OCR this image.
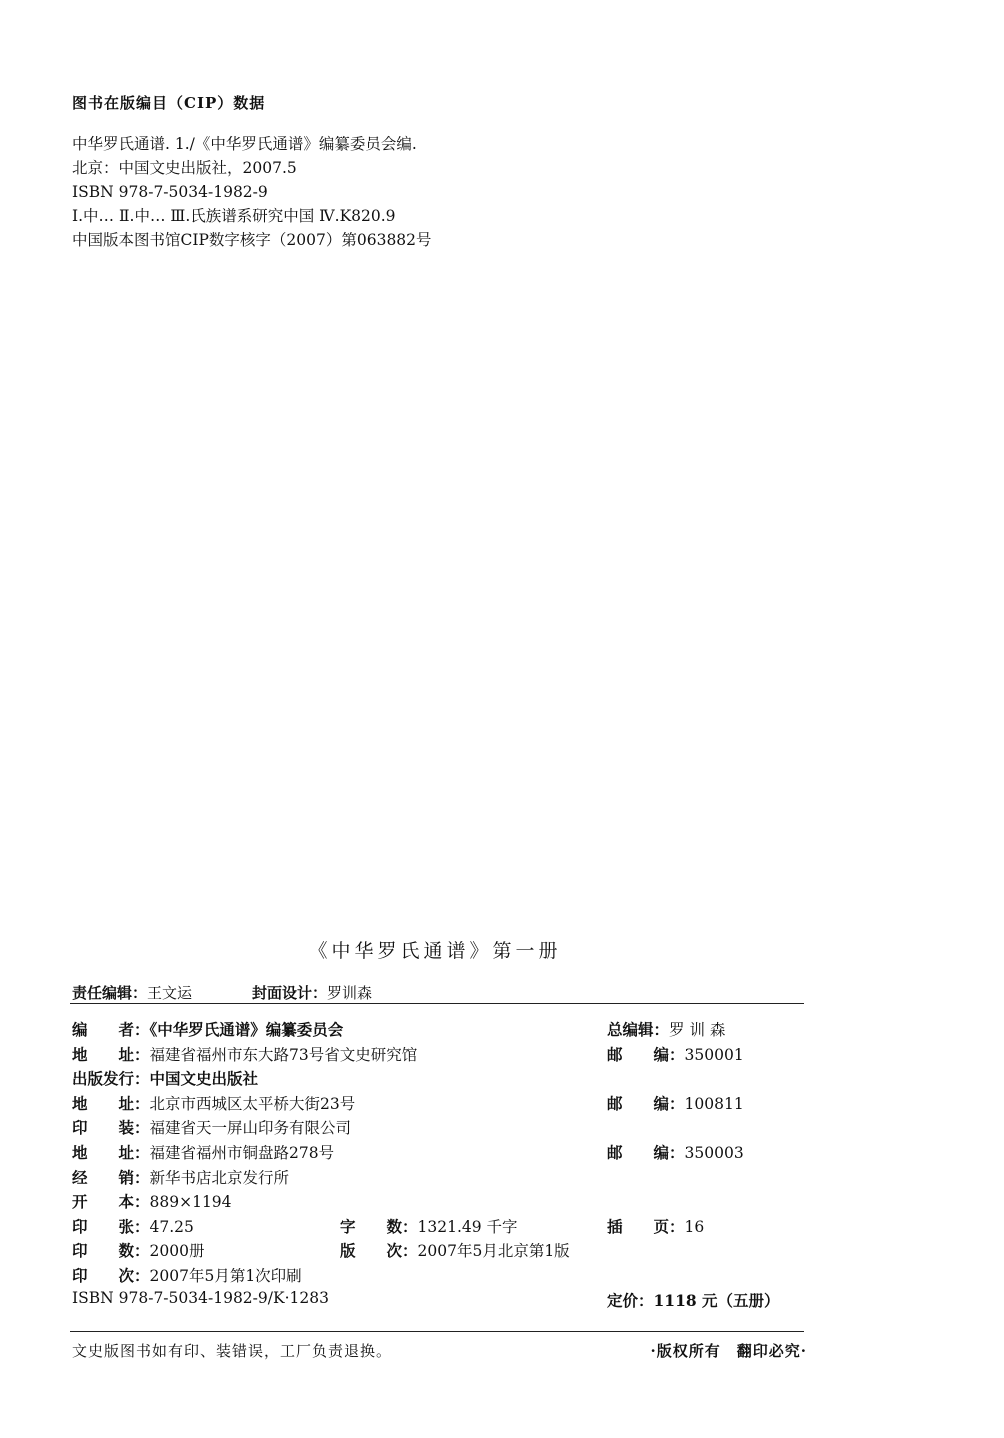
图书在版编目（CIP）数据
中华罗氏通谱. 1./《中华罗氏通谱》编纂委员会编.
北京：中国文史出版社，2007.5
ISBN 978-7-5034-1982-9
Ⅰ.中… Ⅱ.中… Ⅲ.氏族谱系研究中国 Ⅳ.K820.9
中国版本图书馆CIP数字核字（2007）第063882号
《中华罗氏通谱》第一册
责任编辑：王文运	封面设计：罗训森
编　　者：《中华罗氏通谱》编纂委员会	总编辑：罗 训 森
地　　址：福建省福州市东大路73号省文史研究馆	邮　　编：350001
出版发行：中国文史出版社
地　　址：北京市西城区太平桥大街23号	邮　　编：100811
印　　装：福建省天一屏山印务有限公司
地　　址：福建省福州市铜盘路278号	邮　　编：350003
经　　销：新华书店北京发行所
开　　本：889×1194
印　　张：47.25	字　　数：1321.49 千字	插　　页：16
印　　数：2000册	版　　次：2007年5月北京第1版
印　　次：2007年5月第1次印刷
ISBN 978-7-5034-1982-9/K·1283	定价：1118 元（五册）
文史版图书如有印、装错误，工厂负责退换。	·版权所有　翻印必究·
